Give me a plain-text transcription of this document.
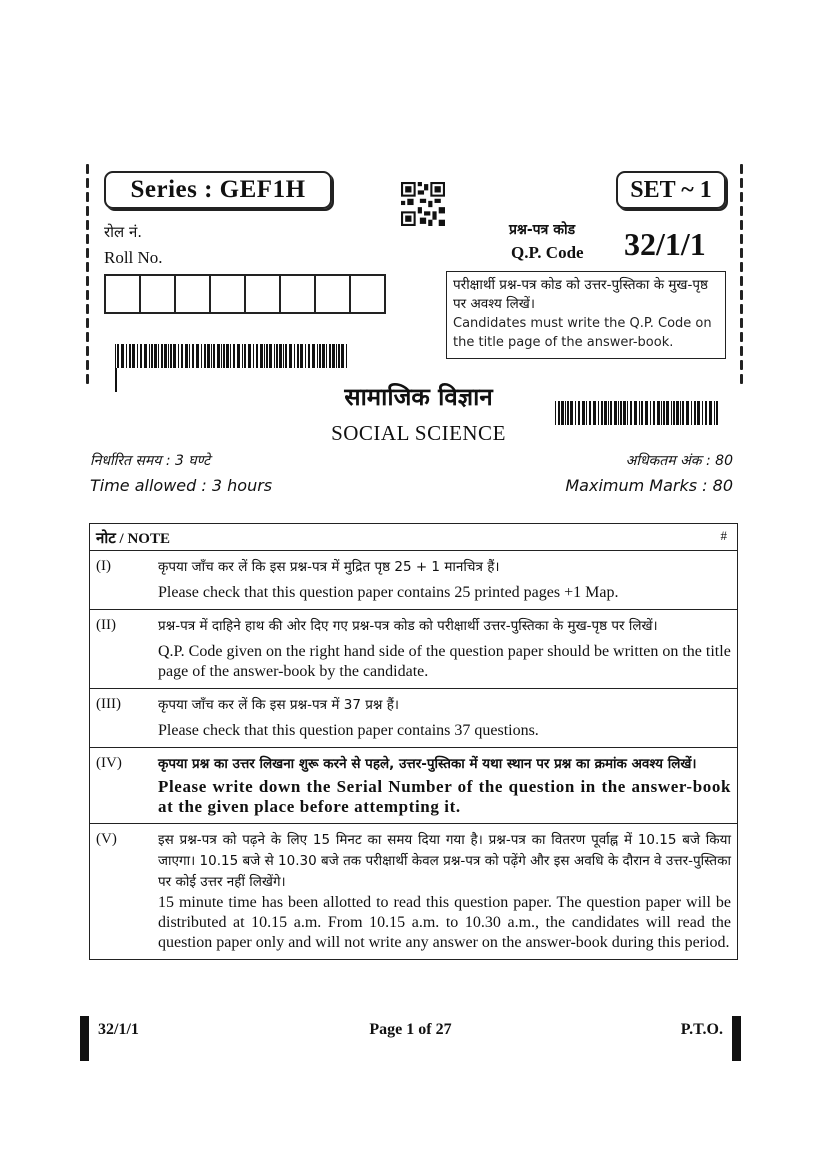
Series : GEF1H	SET ~ 1
रोल नं.
Roll No.
प्रश्न-पत्र कोड
Q.P. Code 32/1/1
परीक्षार्थी प्रश्न-पत्र कोड को उत्तर-पुस्तिका के मुख-पृष्ठ पर अवश्य लिखें।
Candidates must write the Q.P. Code on the title page of the answer-book.
सामाजिक विज्ञान
SOCIAL SCIENCE
निर्धारित समय : 3 घण्टे
Time allowed : 3 hours
अधिकतम अंक : 80
Maximum Marks : 80
नोट / NOTE	#
(I)	कृपया जाँच कर लें कि इस प्रश्न-पत्र में मुद्रित पृष्ठ 25 + 1 मानचित्र हैं।
Please check that this question paper contains 25 printed pages +1 Map.
(II)	प्रश्न-पत्र में दाहिने हाथ की ओर दिए गए प्रश्न-पत्र कोड को परीक्षार्थी उत्तर-पुस्तिका के मुख-पृष्ठ पर लिखें।
Q.P. Code given on the right hand side of the question paper should be written on the title page of the answer-book by the candidate.
(III)	कृपया जाँच कर लें कि इस प्रश्न-पत्र में 37 प्रश्न हैं।
Please check that this question paper contains 37 questions.
(IV)	कृपया प्रश्न का उत्तर लिखना शुरू करने से पहले, उत्तर-पुस्तिका में यथा स्थान पर प्रश्न का क्रमांक अवश्य लिखें।
Please write down the Serial Number of the question in the answer-book at the given place before attempting it.
(V)	इस प्रश्न-पत्र को पढ़ने के लिए 15 मिनट का समय दिया गया है। प्रश्न-पत्र का वितरण पूर्वाह्न में 10.15 बजे किया जाएगा। 10.15 बजे से 10.30 बजे तक परीक्षार्थी केवल प्रश्न-पत्र को पढ़ेंगे और इस अवधि के दौरान वे उत्तर-पुस्तिका पर कोई उत्तर नहीं लिखेंगे।
15 minute time has been allotted to read this question paper. The question paper will be distributed at 10.15 a.m. From 10.15 a.m. to 10.30 a.m., the candidates will read the question paper only and will not write any answer on the answer-book during this period.
Page 1 of 27
32/1/1	P.T.O.
